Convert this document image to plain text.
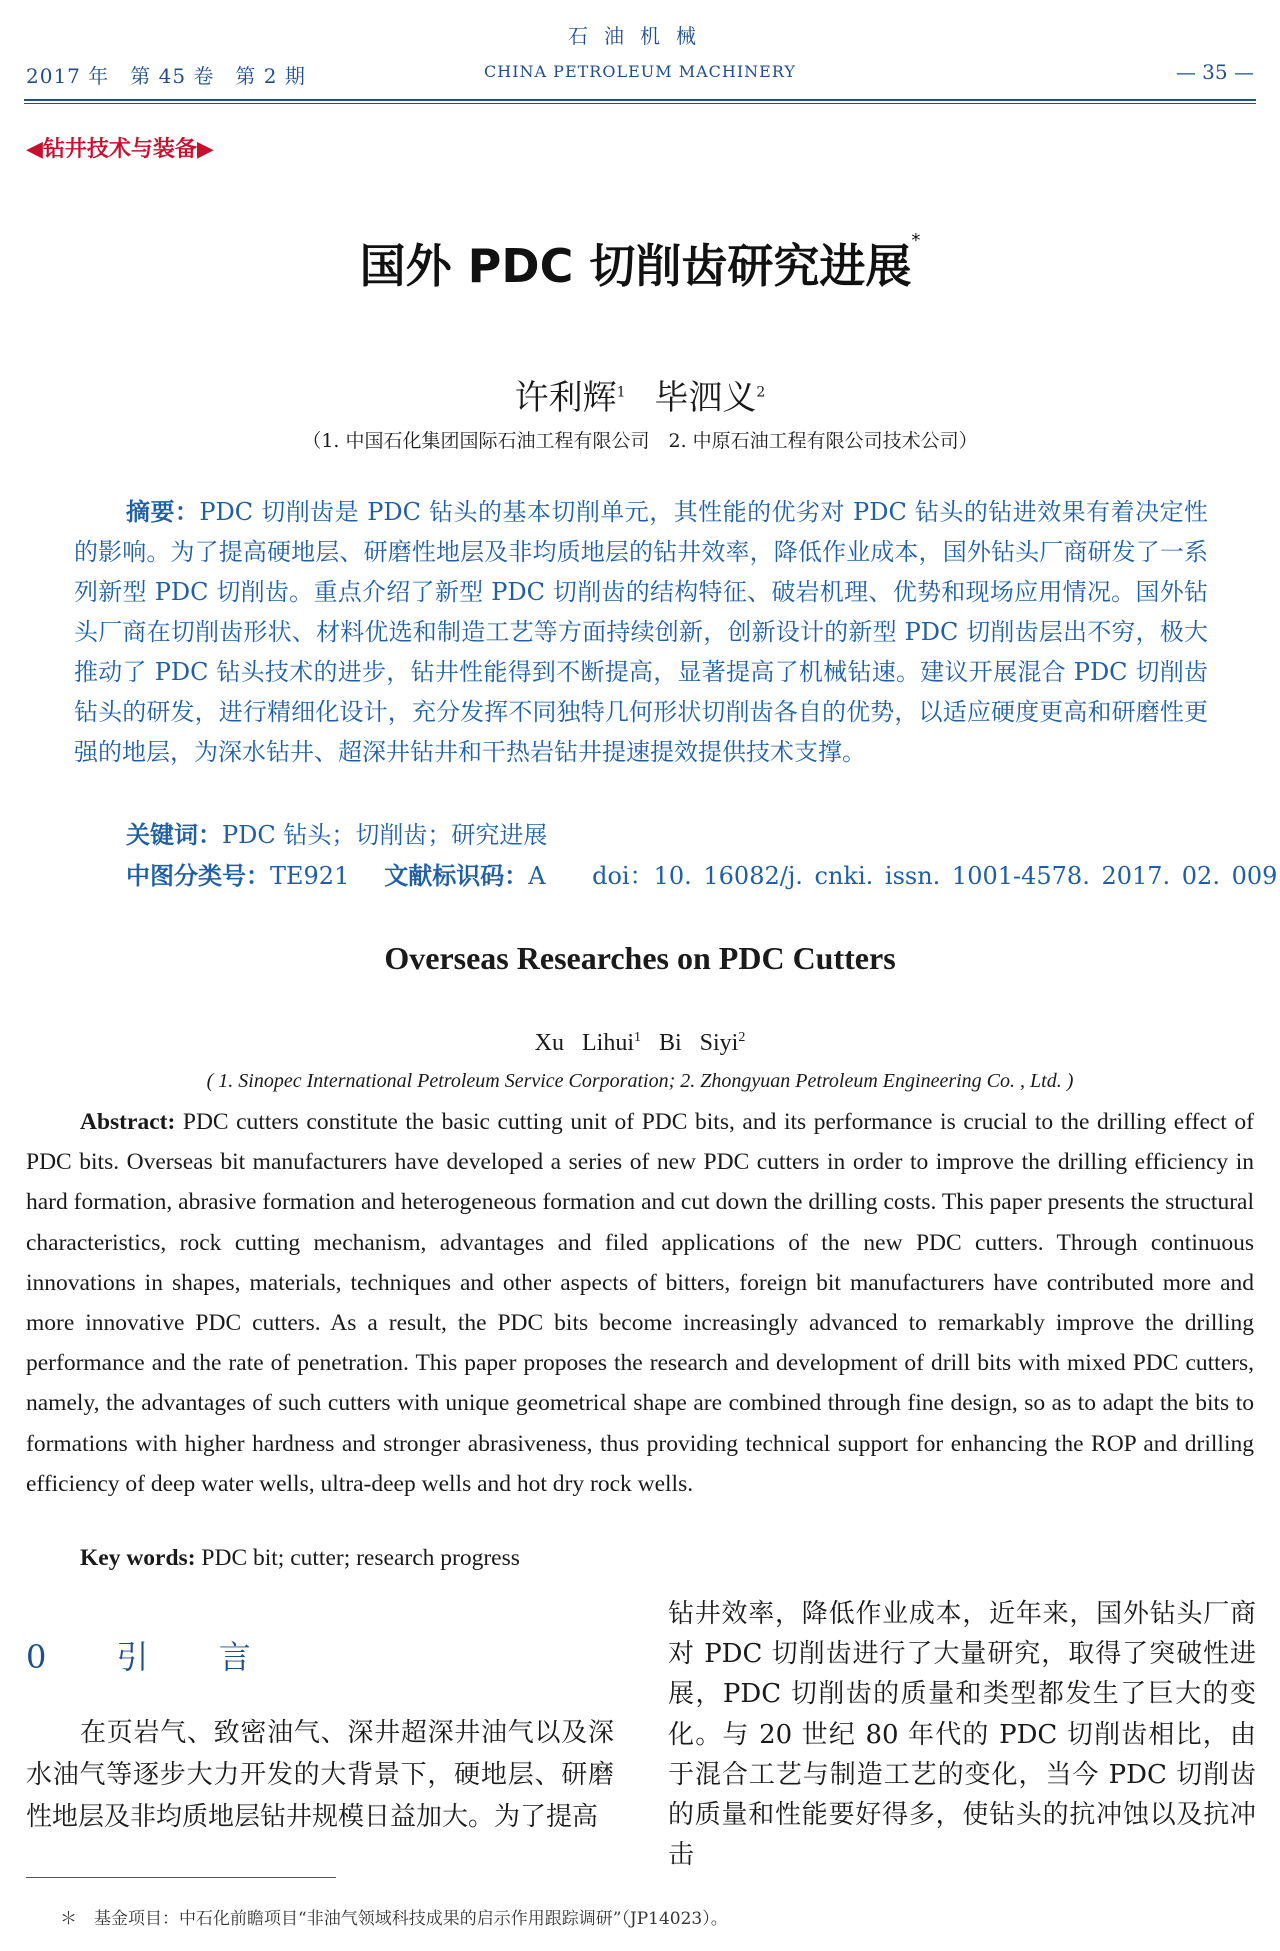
2017 年　第 45 卷　第 2 期
石油机械
CHINA PETROLEUM MACHINERY	— 35 —
◀钻井技术与装备▶
国外 PDC 切削齿研究进展*
许利辉$^1$ 毕泗义$^2$
（1. 中国石化集团国际石油工程有限公司　2. 中原石油工程有限公司技术公司）
摘要：PDC 切削齿是 PDC 钻头的基本切削单元，其性能的优劣对 PDC 钻头的钻进效果有着决定性的影响。为了提高硬地层、研磨性地层及非均质地层的钻井效率，降低作业成本，国外钻头厂商研发了一系列新型 PDC 切削齿。重点介绍了新型 PDC 切削齿的结构特征、破岩机理、优势和现场应用情况。国外钻头厂商在切削齿形状、材料优选和制造工艺等方面持续创新，创新设计的新型 PDC 切削齿层出不穷，极大推动了 PDC 钻头技术的进步，钻井性能得到不断提高，显著提高了机械钻速。建议开展混合 PDC 切削齿钻头的研发，进行精细化设计，充分发挥不同独特几何形状切削齿各自的优势，以适应硬度更高和研磨性更强的地层，为深水钻井、超深井钻井和干热岩钻井提速提效提供技术支撑。
关键词：PDC 钻头；切削齿；研究进展
中图分类号：TE921 文献标识码：A doi：10. 16082/j. cnki. issn. 1001-4578. 2017. 02. 009
Overseas Researches on PDC Cutters
Xu Lihui$^1$ Bi Siyi$^2$
( 1. Sinopec International Petroleum Service Corporation; 2. Zhongyuan Petroleum Engineering Co. , Ltd. )
Abstract: PDC cutters constitute the basic cutting unit of PDC bits, and its performance is crucial to the drilling effect of PDC bits. Overseas bit manufacturers have developed a series of new PDC cutters in order to improve the drilling efficiency in hard formation, abrasive formation and heterogeneous formation and cut down the drilling costs. This paper presents the structural characteristics, rock cutting mechanism, advantages and filed applications of the new PDC cutters. Through continuous innovations in shapes, materials, techniques and other aspects of bitters, foreign bit manufacturers have contributed more and more innovative PDC cutters. As a result, the PDC bits become increasingly advanced to remarkably improve the drilling performance and the rate of penetration. This paper proposes the research and development of drill bits with mixed PDC cutters, namely, the advantages of such cutters with unique geometrical shape are combined through fine design, so as to adapt the bits to formations with higher hardness and stronger abrasiveness, thus providing technical support for enhancing the ROP and drilling efficiency of deep water wells, ultra-deep wells and hot dry rock wells.
Key words: PDC bit; cutter; research progress
0 引 言
在页岩气、致密油气、深井超深井油气以及深水油气等逐步大力开发的大背景下，硬地层、研磨性地层及非均质地层钻井规模日益加大。为了提高
钻井效率，降低作业成本，近年来，国外钻头厂商对 PDC 切削齿进行了大量研究，取得了突破性进展，PDC 切削齿的质量和类型都发生了巨大的变化。与 20 世纪 80 年代的 PDC 切削齿相比，由于混合工艺与制造工艺的变化，当今 PDC 切削齿的质量和性能要好得多，使钻头的抗冲蚀以及抗冲击
＊　基金项目：中石化前瞻项目“非油气领域科技成果的启示作用跟踪调研”（JP14023）。
